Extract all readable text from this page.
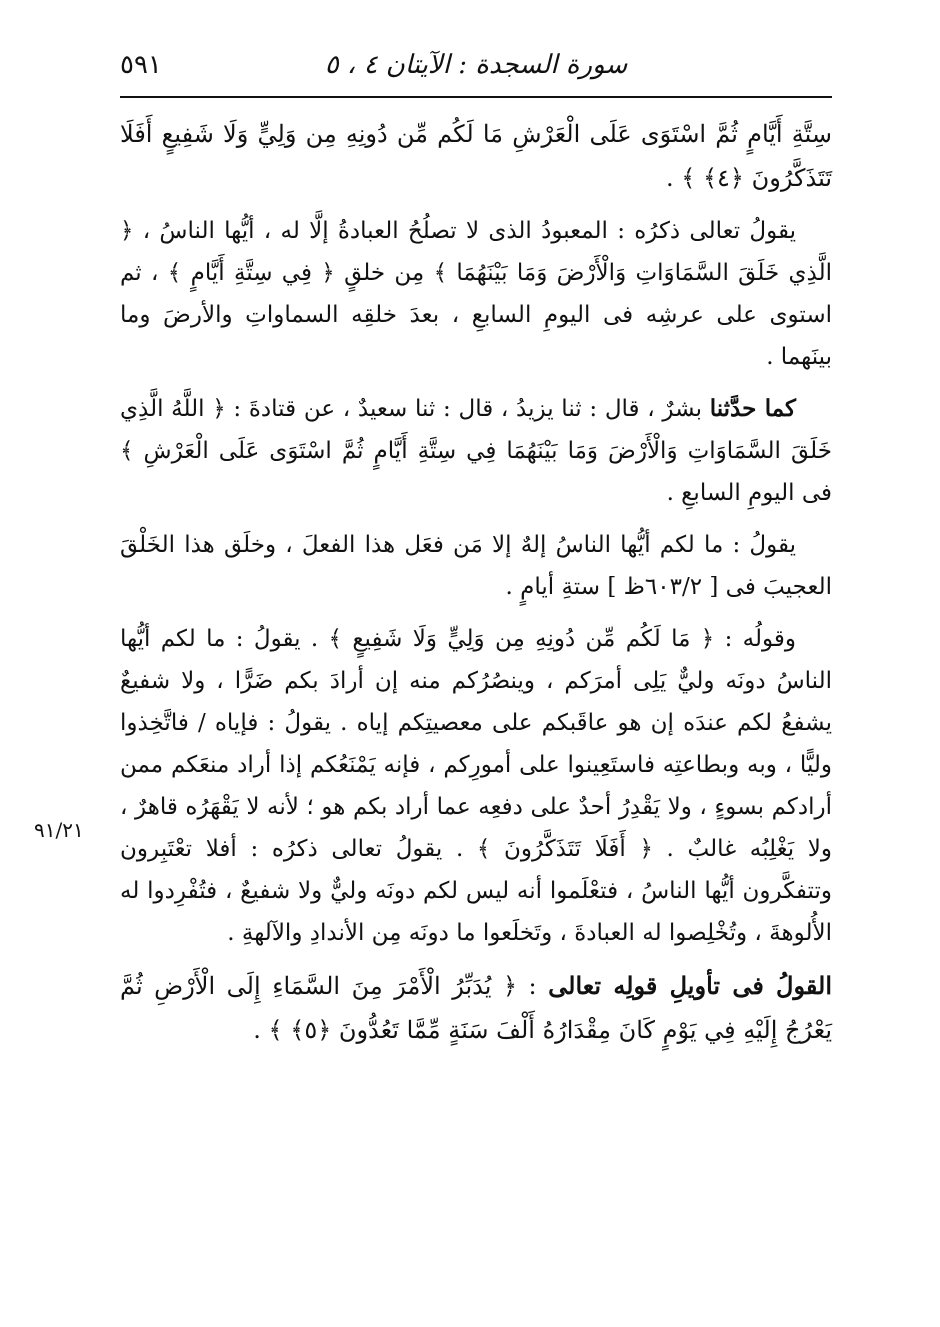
٥٩١	سورة السجدة : الآيتان ٤ ، ٥

سِتَّةِ أَيَّامٍ ثُمَّ اسْتَوَى عَلَى الْعَرْشِ مَا لَكُم مِّن دُونِهِ مِن وَلِيٍّ وَلَا شَفِيعٍ أَفَلَا تَتَذَكَّرُونَ ﴿٤﴾ ﴾ .

يقولُ تعالى ذكرُه : المعبودُ الذى لا تصلُحُ العبادةُ إلَّا له ، أيُّها الناسُ ، ﴿ الَّذِي خَلَقَ السَّمَاوَاتِ وَالْأَرْضَ وَمَا بَيْنَهُمَا ﴾ مِن خلقٍ ﴿ فِي سِتَّةِ أَيَّامٍ ﴾ ، ثم استوى على عرشِه فى اليومِ السابعِ ، بعدَ خلقِه السماواتِ والأرضَ وما بينَهما .

كما حدَّثنا بشرٌ ، قال : ثنا يزيدُ ، قال : ثنا سعيدٌ ، عن قتادةَ : ﴿ اللَّهُ الَّذِي خَلَقَ السَّمَاوَاتِ وَالْأَرْضَ وَمَا بَيْنَهُمَا فِي سِتَّةِ أَيَّامٍ ثُمَّ اسْتَوَى عَلَى الْعَرْشِ ﴾ فى اليومِ السابعِ .

يقولُ : ما لكم أيُّها الناسُ إلهٌ إلا مَن فعَل هذا الفعلَ ، وخلَق هذا الخَلْقَ العجيبَ فى [ ٦٠٣/٢ظ ] ستةِ أيامٍ .

وقولُه : ﴿ مَا لَكُم مِّن دُونِهِ مِن وَلِيٍّ وَلَا شَفِيعٍ ﴾ . يقولُ : ما لكم أيُّها الناسُ دونَه وليٌّ يَلِى أمرَكم ، وينصُرُكم منه إن أرادَ بكم ضَرًّا ، ولا شفيعٌ يشفعُ لكم عندَه إن هو عاقَبكم على معصيتِكم إياه . يقولُ : فإياه / فاتَّخِذوا وليًّا ، وبه وبطاعتِه فاستَعِينوا على أمورِكم ، فإنه يَمْنَعُكم إذا أراد منعَكم ممن أرادكم بسوءٍ ، ولا يَقْدِرُ أحدٌ على دفعِه عما أراد بكم هو ؛ لأنه لا يَقْهَرُه قاهرٌ ، ولا يَغْلِبُه غالبٌ . ﴿ أَفَلَا تَتَذَكَّرُونَ ﴾ . يقولُ تعالى ذكرُه : أفلا تعْتَبِرون وتتفكَّرون أيُّها الناسُ ، فتعْلَموا أنه ليس لكم دونَه وليٌّ ولا شفيعٌ ، فتُفْرِدوا له الأُلوهةَ ، وتُخْلِصوا له العبادةَ ، وتَخلَعوا ما دونَه مِن الأندادِ والآلهةِ .

القولُ فى تأويلِ قولِه تعالى : ﴿ يُدَبِّرُ الْأَمْرَ مِنَ السَّمَاءِ إِلَى الْأَرْضِ ثُمَّ يَعْرُجُ إِلَيْهِ فِي يَوْمٍ كَانَ مِقْدَارُهُ أَلْفَ سَنَةٍ مِّمَّا تَعُدُّونَ ﴿٥﴾ ﴾ .

٩١/٢١
